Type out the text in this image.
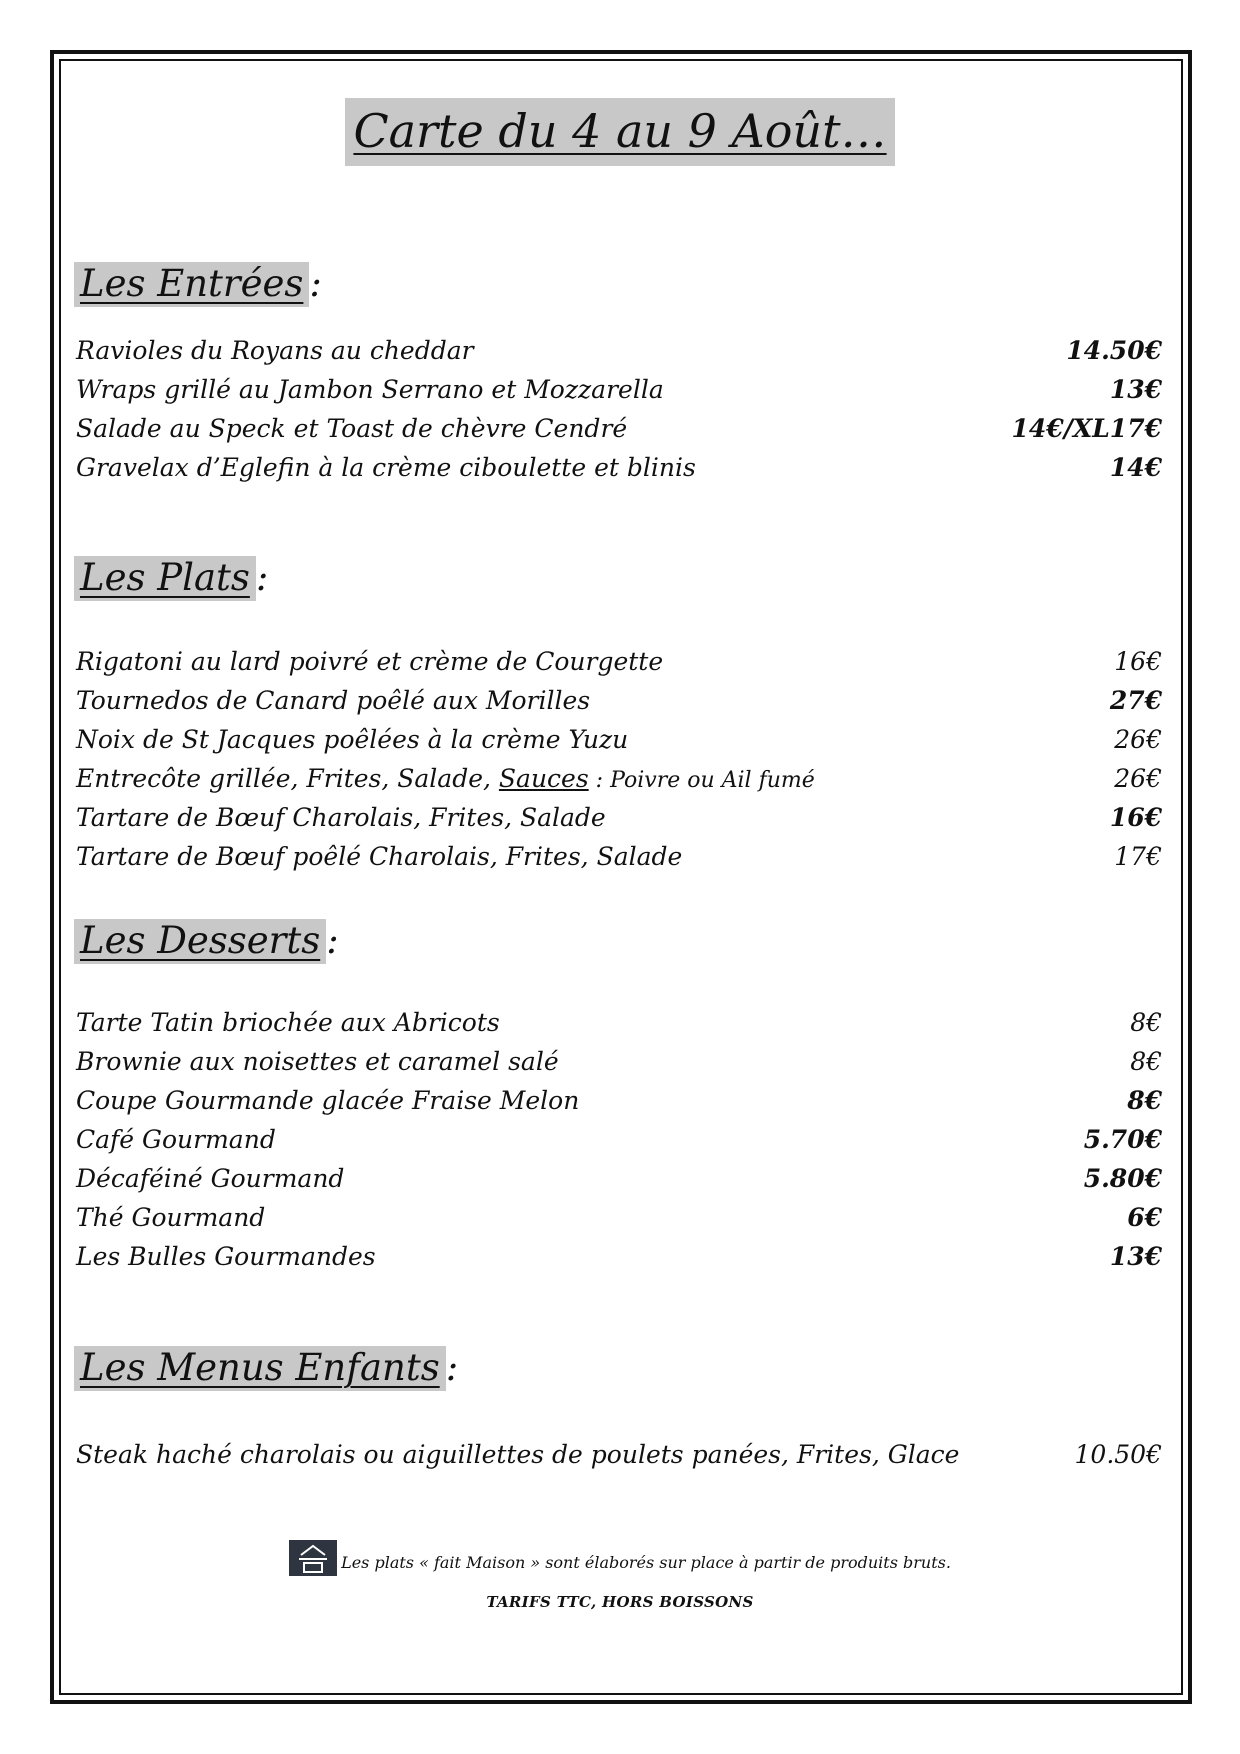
Carte du 4 au 9 Août…
Les Entrées :
Ravioles du Royans au cheddar	14.50€
Wraps grillé au Jambon Serrano et Mozzarella	13€
Salade au Speck et Toast de chèvre Cendré	14€/XL17€
Gravelax d’Eglefin à la crème ciboulette et blinis	14€
Les Plats :
Rigatoni au lard poivré et crème de Courgette	16€
Tournedos de Canard poêlé aux Morilles	27€
Noix de St Jacques poêlées à la crème Yuzu	26€
Entrecôte grillée, Frites, Salade, Sauces : Poivre ou Ail fumé	26€
Tartare de Bœuf Charolais, Frites, Salade	16€
Tartare de Bœuf poêlé Charolais, Frites, Salade	17€
Les Desserts :
Tarte Tatin briochée aux Abricots	8€
Brownie aux noisettes et caramel salé	8€
Coupe Gourmande glacée Fraise Melon	8€
Café Gourmand	5.70€
Décaféiné Gourmand	5.80€
Thé Gourmand	6€
Les Bulles Gourmandes	13€
Les Menus Enfants :
Steak haché charolais ou aiguillettes de poulets panées, Frites, Glace	10.50€
Les plats « fait Maison » sont élaborés sur place à partir de produits bruts.
TARIFS TTC, HORS BOISSONS
